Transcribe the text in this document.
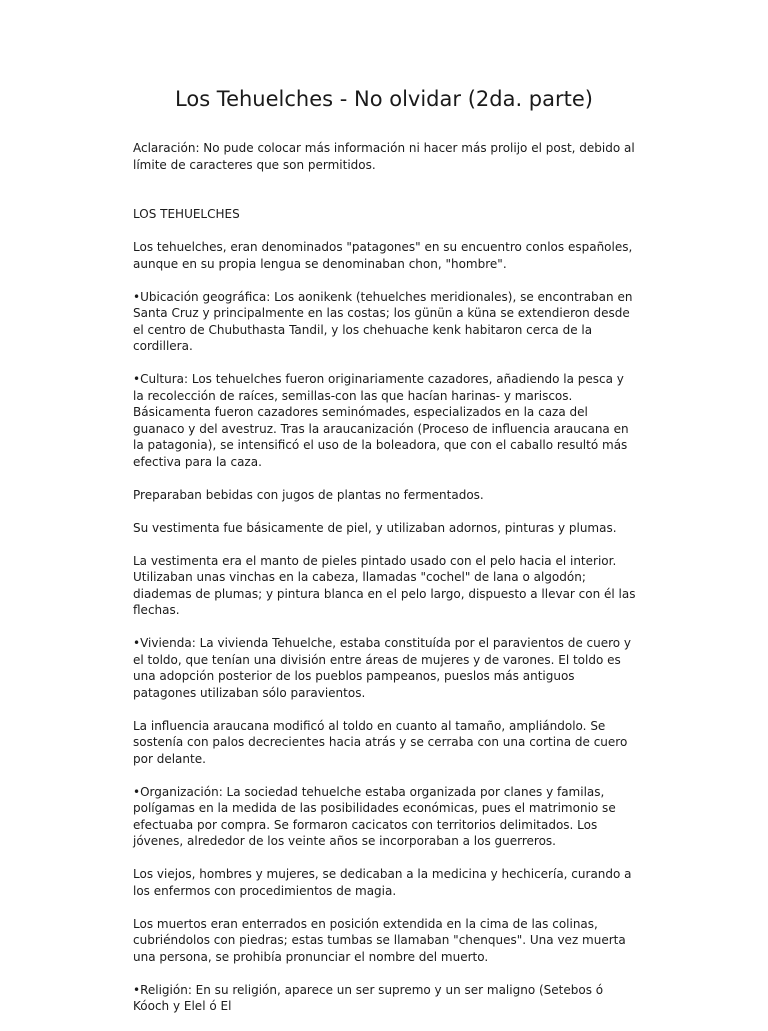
Los Tehuelches - No olvidar (2da. parte)

Aclaración: No pude colocar más información ni hacer más prolijo el post, debido al límite de caracteres que son permitidos.

LOS TEHUELCHES

Los tehuelches, eran denominados "patagones" en su encuentro conlos españoles, aunque en su propia lengua se denominaban chon, "hombre".

•Ubicación geográfica: Los aonikenk (tehuelches meridionales), se encontraban en Santa Cruz y principalmente en las costas; los günün a küna se extendieron desde el centro de Chubuthasta Tandil, y los chehuache kenk habitaron cerca de la cordillera.

•Cultura: Los tehuelches fueron originariamente cazadores, añadiendo la pesca y la recolección de raíces, semillas-con las que hacían harinas- y mariscos. Básicamenta fueron cazadores seminómades, especializados en la caza del guanaco y del avestruz. Tras la araucanización (Proceso de influencia araucana en la patagonia), se intensificó el uso de la boleadora, que con el caballo resultó más efectiva para la caza.

Preparaban bebidas con jugos de plantas no fermentados.

Su vestimenta fue básicamente de piel, y utilizaban adornos, pinturas y plumas.

La vestimenta era el manto de pieles pintado usado con el pelo hacia el interior. Utilizaban unas vinchas en la cabeza, llamadas "cochel" de lana o algodón; diademas de plumas; y pintura blanca en el pelo largo, dispuesto a llevar con él las flechas.

•Vivienda: La vivienda Tehuelche, estaba constituída por el paravientos de cuero y el toldo, que tenían una división entre áreas de mujeres y de varones. El toldo es una adopción posterior de los pueblos pampeanos, pueslos más antiguos patagones utilizaban sólo paravientos.

La influencia araucana modificó al toldo en cuanto al tamaño, ampliándolo. Se sostenía con palos decrecientes hacia atrás y se cerraba con una cortina de cuero por delante.

•Organización: La sociedad tehuelche estaba organizada por clanes y familas, polígamas en la medida de las posibilidades económicas, pues el matrimonio se efectuaba por compra. Se formaron cacicatos con territorios delimitados. Los jóvenes, alrededor de los veinte años se incorporaban a los guerreros.

Los viejos, hombres y mujeres, se dedicaban a la medicina y hechicería, curando a los enfermos con procedimientos de magia.

Los muertos eran enterrados en posición extendida en la cima de las colinas, cubriéndolos con piedras; estas tumbas se llamaban "chenques". Una vez muerta una persona, se prohibía pronunciar el nombre del muerto.

•Religión: En su religión, aparece un ser supremo y un ser maligno (Setebos ó Kóoch y Elel ó El
